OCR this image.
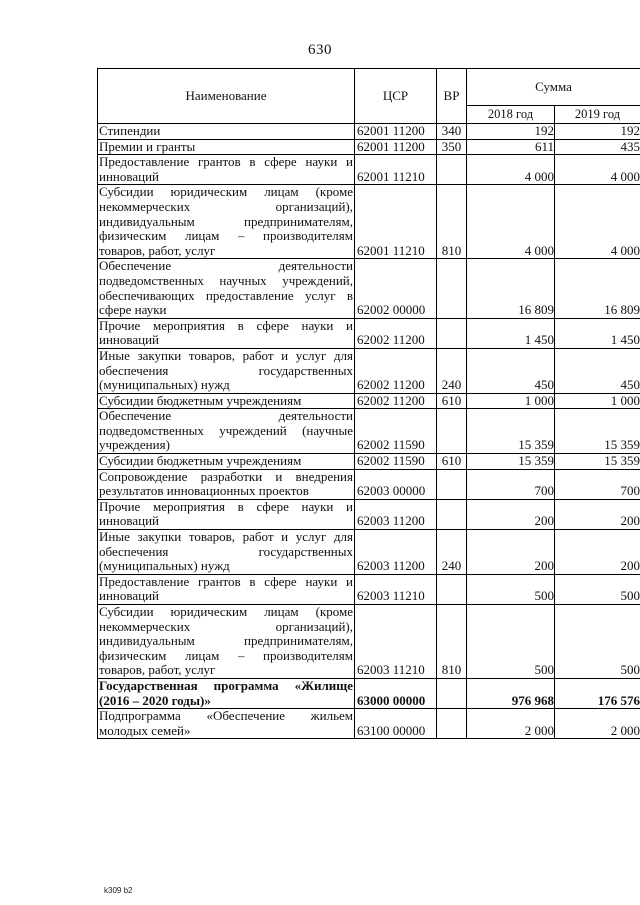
630
Наименование	ЦСР	ВР	Сумма	
			2018 год	2019 год
Стипендии	62001 11200	340	192	192
Премии и гранты	62001 11200	350	611	435
Предоставление грантов в сфере науки и инноваций	62001 11210		4 000	4 000
Субсидии юридическим лицам (кроме некоммерческих организаций), индивидуальным предпринимателям, физическим лицам – производителям товаров, работ, услуг	62001 11210	810	4 000	4 000
Обеспечение деятельности подведомственных научных учреждений, обеспечивающих предоставление услуг в сфере науки	62002 00000		16 809	16 809
Прочие мероприятия в сфере науки и инноваций	62002 11200		1 450	1 450
Иные закупки товаров, работ и услуг для обеспечения государственных (муниципальных) нужд	62002 11200	240	450	450
Субсидии бюджетным учреждениям	62002 11200	610	1 000	1 000
Обеспечение деятельности подведомственных учреждений (научные учреждения)	62002 11590		15 359	15 359
Субсидии бюджетным учреждениям	62002 11590	610	15 359	15 359
Сопровождение разработки и внедрения результатов инновационных проектов	62003 00000		700	700
Прочие мероприятия в сфере науки и инноваций	62003 11200		200	200
Иные закупки товаров, работ и услуг для обеспечения государственных (муниципальных) нужд	62003 11200	240	200	200
Предоставление грантов в сфере науки и инноваций	62003 11210		500	500
Субсидии юридическим лицам (кроме некоммерческих организаций), индивидуальным предпринимателям, физическим лицам – производителям товаров, работ, услуг	62003 11210	810	500	500
Государственная программа «Жилище (2016 – 2020 годы)»	63000 00000		976 968	176 576
Подпрограмма «Обеспечение жильем молодых семей»	63100 00000		2 000	2 000
k309 b2
